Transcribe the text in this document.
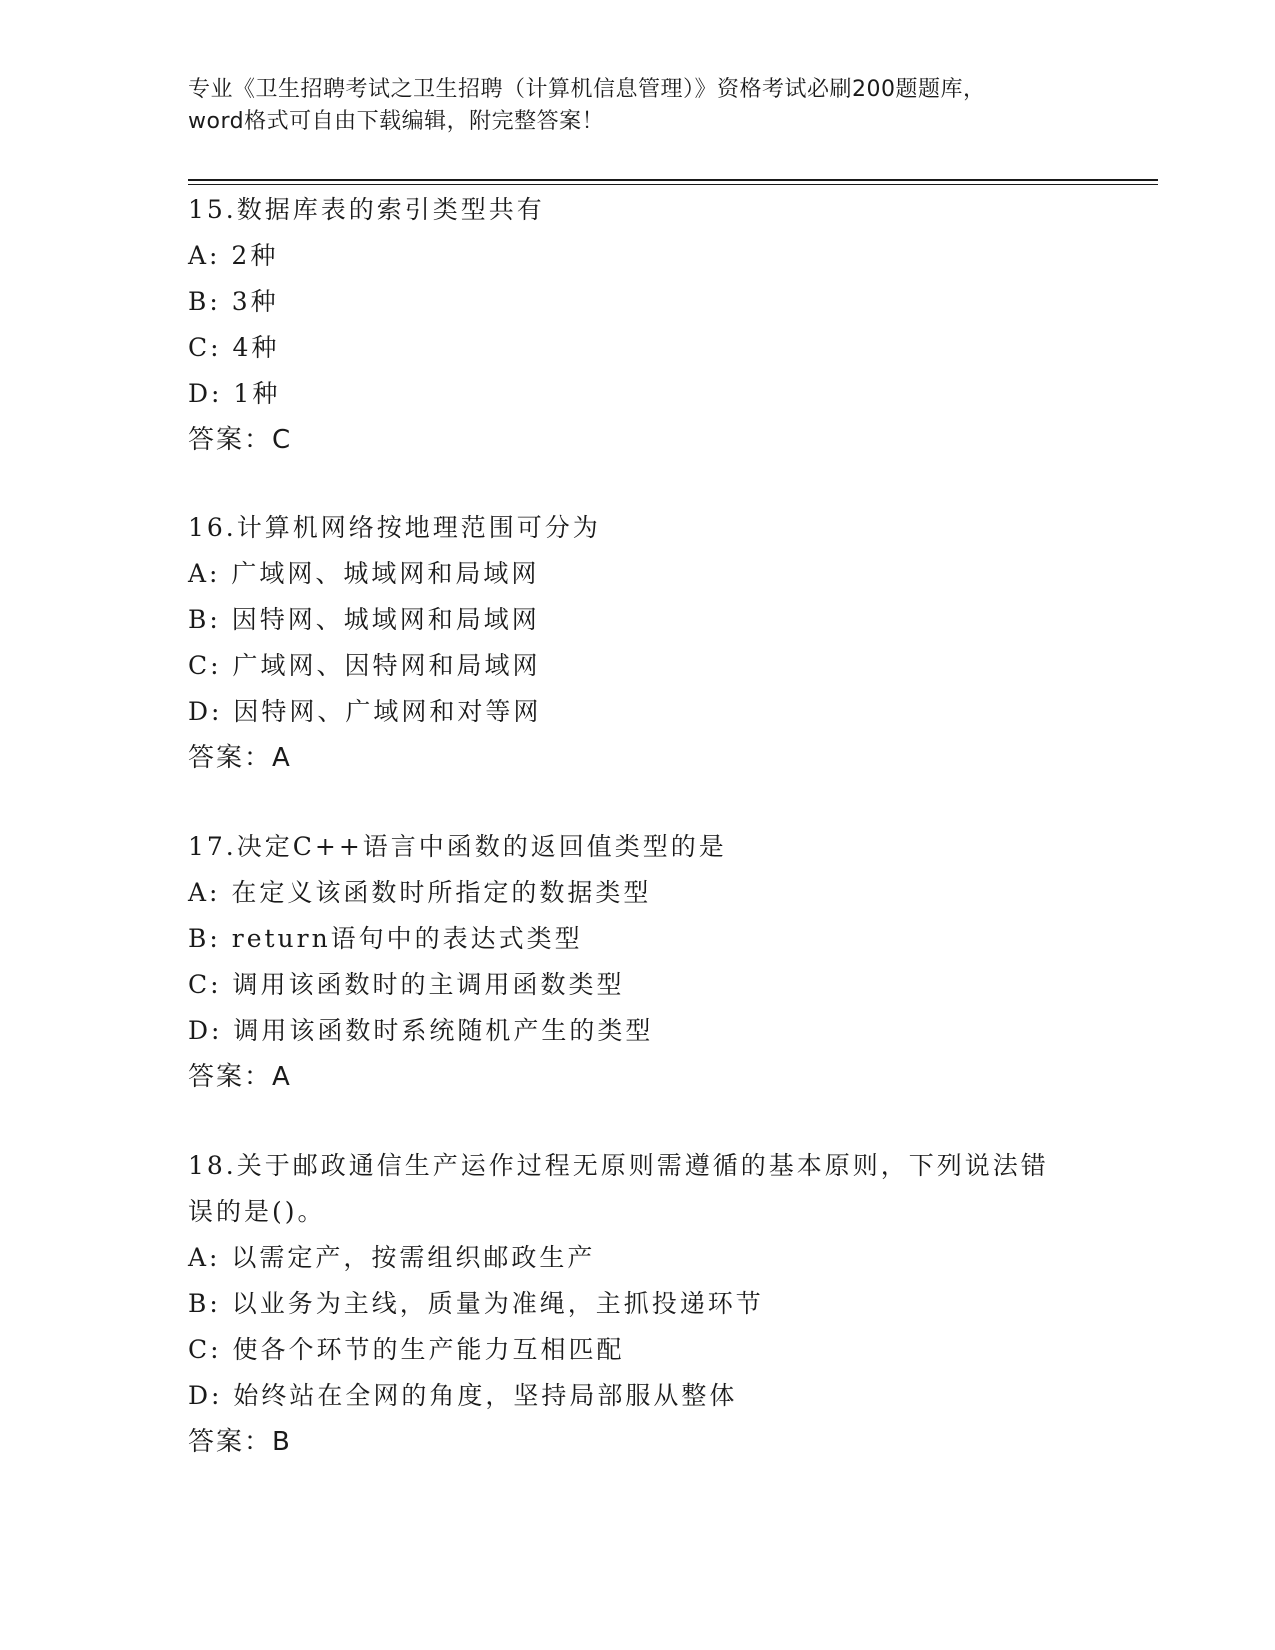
专业《卫生招聘考试之卫生招聘（计算机信息管理）》资格考试必刷200题题库，
word格式可自由下载编辑，附完整答案！
15.数据库表的索引类型共有
A: 2种
B: 3种
C: 4种
D: 1种
答案：C
16.计算机网络按地理范围可分为
A: 广域网、城域网和局域网
B: 因特网、城域网和局域网
C: 广域网、因特网和局域网
D: 因特网、广域网和对等网
答案：A
17.决定C++语言中函数的返回值类型的是
A: 在定义该函数时所指定的数据类型
B: return语句中的表达式类型
C: 调用该函数时的主调用函数类型
D: 调用该函数时系统随机产生的类型
答案：A
18.关于邮政通信生产运作过程无原则需遵循的基本原则，下列说法错误的是()。
A: 以需定产，按需组织邮政生产
B: 以业务为主线，质量为准绳，主抓投递环节
C: 使各个环节的生产能力互相匹配
D: 始终站在全网的角度，坚持局部服从整体
答案：B
